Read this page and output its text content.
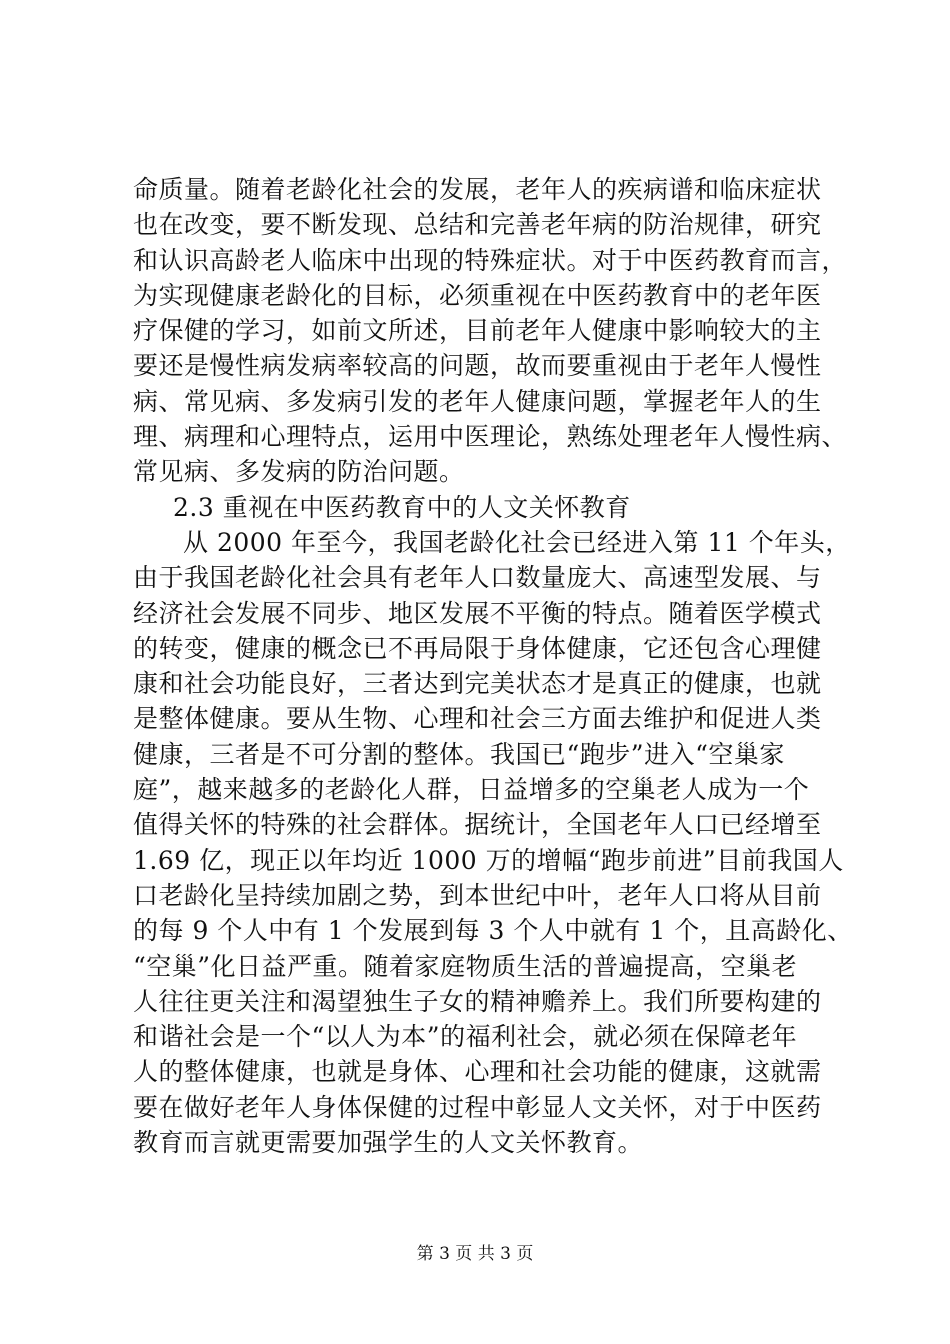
命质量。随着老龄化社会的发展，老年人的疾病谱和临床症状
也在改变，要不断发现、总结和完善老年病的防治规律，研究
和认识高龄老人临床中出现的特殊症状。对于中医药教育而言，
为实现健康老龄化的目标，必须重视在中医药教育中的老年医
疗保健的学习，如前文所述，目前老年人健康中影响较大的主
要还是慢性病发病率较高的问题，故而要重视由于老年人慢性
病、常见病、多发病引发的老年人健康问题，掌握老年人的生
理、病理和心理特点，运用中医理论，熟练处理老年人慢性病、
常见病、多发病的防治问题。
2.3 重视在中医药教育中的人文关怀教育
从 2000 年至今，我国老龄化社会已经进入第 11 个年头，
由于我国老龄化社会具有老年人口数量庞大、高速型发展、与
经济社会发展不同步、地区发展不平衡的特点。随着医学模式
的转变，健康的概念已不再局限于身体健康，它还包含心理健
康和社会功能良好，三者达到完美状态才是真正的健康，也就
是整体健康。要从生物、心理和社会三方面去维护和促进人类
健康，三者是不可分割的整体。我国已“跑步”进入“空巢家
庭”，越来越多的老龄化人群，日益增多的空巢老人成为一个
值得关怀的特殊的社会群体。据统计，全国老年人口已经增至
1.69 亿，现正以年均近 1000 万的增幅“跑步前进”目前我国人
口老龄化呈持续加剧之势，到本世纪中叶，老年人口将从目前
的每 9 个人中有 1 个发展到每 3 个人中就有 1 个，且高龄化、
“空巢”化日益严重。随着家庭物质生活的普遍提高，空巢老
人往往更关注和渴望独生子女的精神赡养上。我们所要构建的
和谐社会是一个“以人为本”的福利社会，就必须在保障老年
人的整体健康，也就是身体、心理和社会功能的健康，这就需
要在做好老年人身体保健的过程中彰显人文关怀，对于中医药
教育而言就更需要加强学生的人文关怀教育。
第 3 页 共 3 页
